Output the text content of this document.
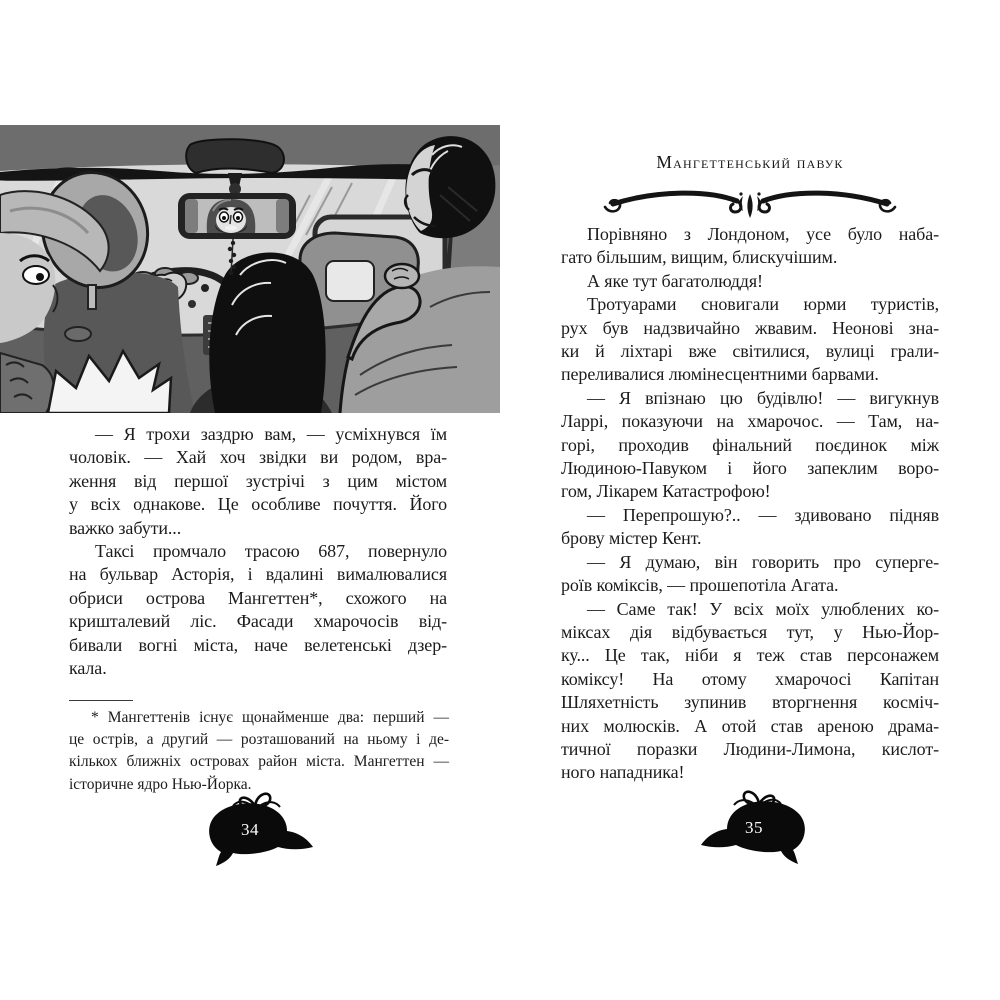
— Я трохи заздрю вам, — усміхнувся їм
чоловік. — Хай хоч звідки ви родом, вра-
ження від першої зустрічі з цим містом
у всіх однакове. Це особливе почуття. Його
важко забути...
Таксі промчало трасою 687, повернуло
на бульвар Асторія, і вдалині вималювалися
обриси острова Мангеттен*, схожого на
кришталевий ліс. Фасади хмарочосів від-
бивали вогні міста, наче велетенські дзер-
кала.
* Мангеттенів існує щонайменше два: перший —
це острів, а другий — розташований на ньому і де-
кількох ближніх островах район міста. Мангеттен —
історичне ядро Нью-Йорка.
34
Мангеттенський павук
Порівняно з Лондоном, усе було наба-
гато більшим, вищим, блискучішим.
А яке тут багатолюддя!
Тротуарами сновигали юрми туристів,
рух був надзвичайно жвавим. Неонові зна-
ки й ліхтарі вже світилися, вулиці грали-
переливалися люмінесцентними барвами.
— Я впізнаю цю будівлю! — вигукнув
Ларрі, показуючи на хмарочос. — Там, на-
горі, проходив фінальний поєдинок між
Людиною-Павуком і його запеклим воро-
гом, Лікарем Катастрофою!
— Перепрошую?.. — здивовано підняв
брову містер Кент.
— Я думаю, він говорить про суперге-
роїв коміксів, — прошепотіла Агата.
— Саме так! У всіх моїх улюблених ко-
міксах дія відбувається тут, у Нью-Йор-
ку... Це так, ніби я теж став персонажем
коміксу! На отому хмарочосі Капітан
Шляхетність зупинив вторгнення косміч-
них молюсків. А отой став ареною драма-
тичної поразки Людини-Лимона, кислот-
ного нападника!
35
